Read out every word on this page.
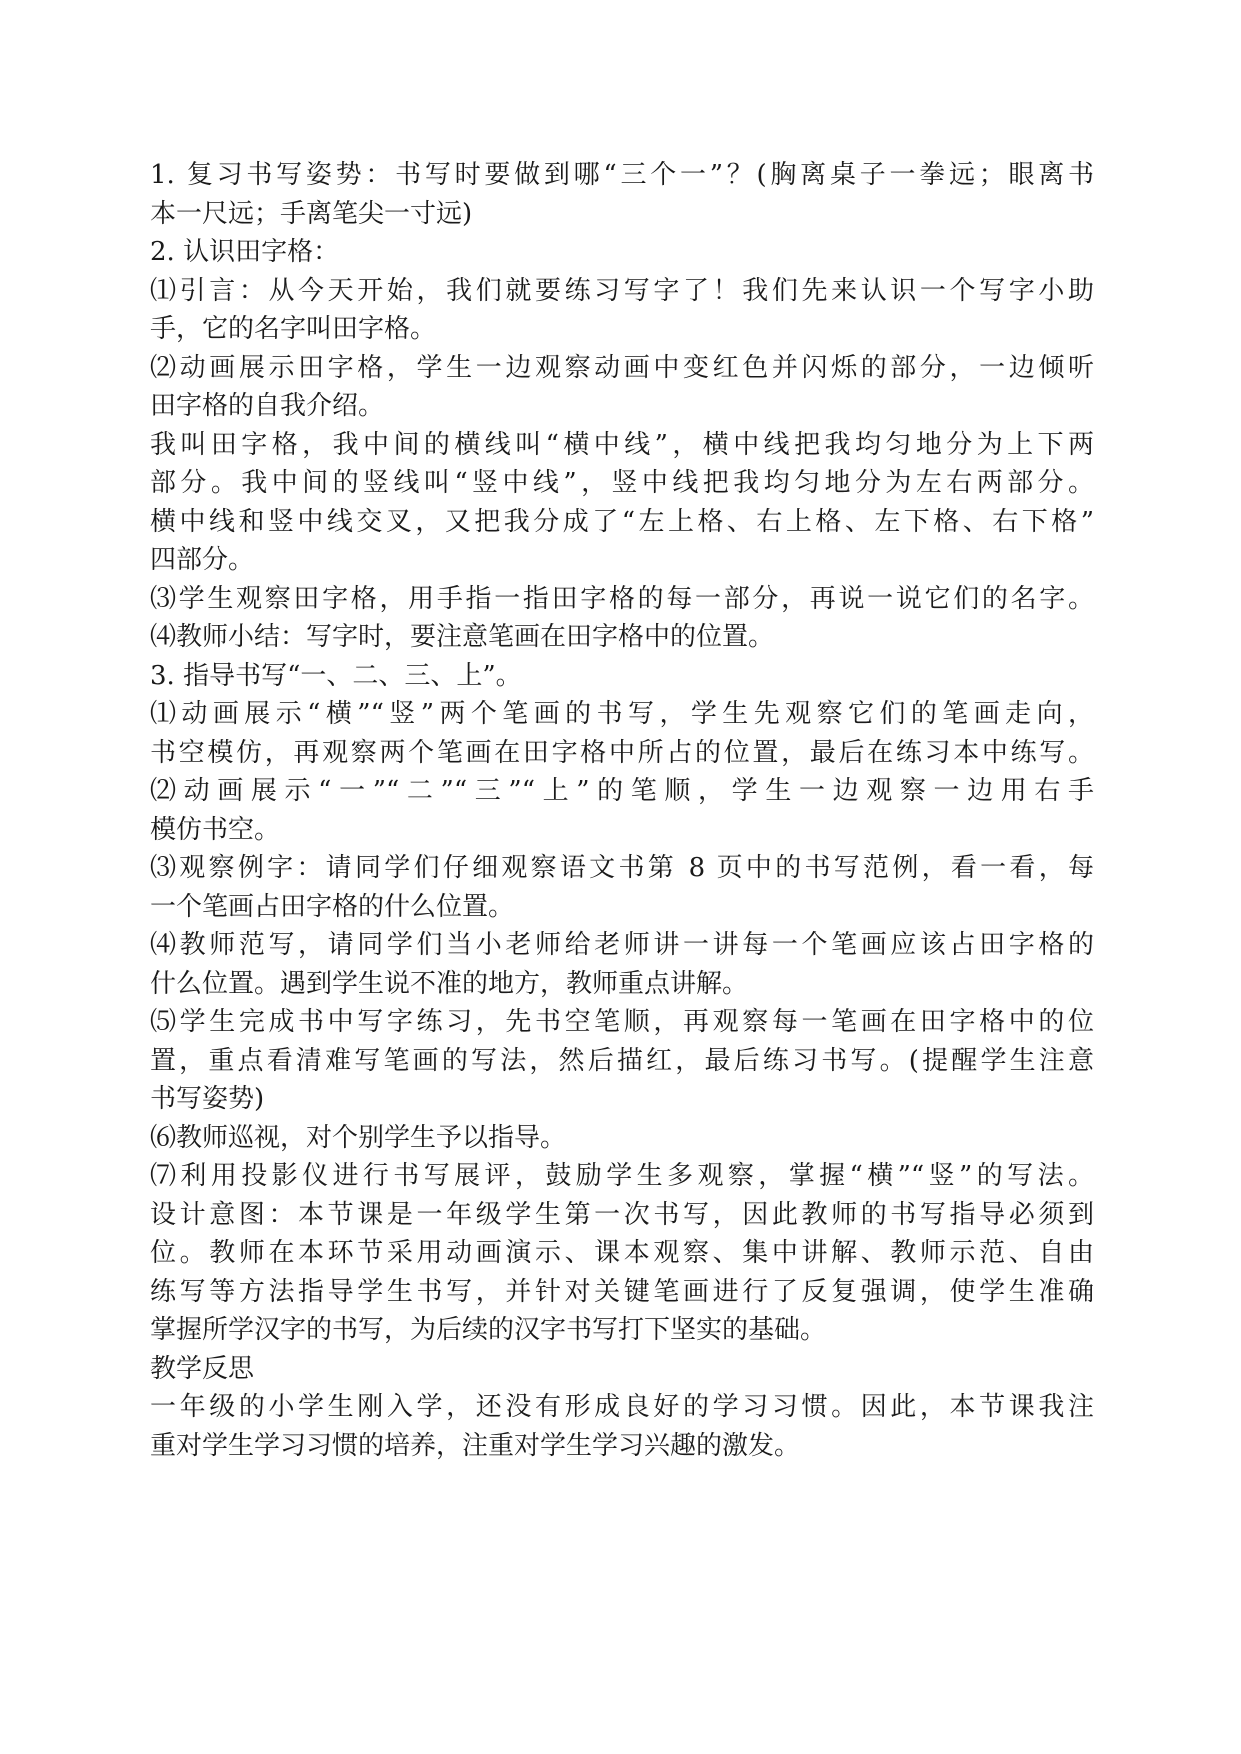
1. 复习书写姿势：书写时要做到哪“三个一”？(胸离桌子一拳远；眼离书
本一尺远；手离笔尖一寸远)
2. 认识田字格：
⑴引言：从今天开始，我们就要练习写字了！我们先来认识一个写字小助
手，它的名字叫田字格。
⑵动画展示田字格，学生一边观察动画中变红色并闪烁的部分，一边倾听
田字格的自我介绍。
我叫田字格，我中间的横线叫“横中线”，横中线把我均匀地分为上下两
部分。我中间的竖线叫“竖中线”，竖中线把我均匀地分为左右两部分。
横中线和竖中线交叉，又把我分成了“左上格、右上格、左下格、右下格”
四部分。
⑶学生观察田字格，用手指一指田字格的每一部分，再说一说它们的名字。
⑷教师小结：写字时，要注意笔画在田字格中的位置。
3. 指导书写“一、二、三、上”。
⑴动画展示“横”“竖”两个笔画的书写，学生先观察它们的笔画走向，
书空模仿，再观察两个笔画在田字格中所占的位置，最后在练习本中练写。
⑵动画展示“一”“二”“三”“上”的笔顺，学生一边观察一边用右手
模仿书空。
⑶观察例字：请同学们仔细观察语文书第 8 页中的书写范例，看一看，每
一个笔画占田字格的什么位置。
⑷教师范写，请同学们当小老师给老师讲一讲每一个笔画应该占田字格的
什么位置。遇到学生说不准的地方，教师重点讲解。
⑸学生完成书中写字练习，先书空笔顺，再观察每一笔画在田字格中的位
置，重点看清难写笔画的写法，然后描红，最后练习书写。(提醒学生注意
书写姿势)
⑹教师巡视，对个别学生予以指导。
⑺利用投影仪进行书写展评，鼓励学生多观察，掌握“横”“竖”的写法。
设计意图：本节课是一年级学生第一次书写，因此教师的书写指导必须到
位。教师在本环节采用动画演示、课本观察、集中讲解、教师示范、自由
练写等方法指导学生书写，并针对关键笔画进行了反复强调，使学生准确
掌握所学汉字的书写，为后续的汉字书写打下坚实的基础。
教学反思
一年级的小学生刚入学，还没有形成良好的学习习惯。因此，本节课我注
重对学生学习习惯的培养，注重对学生学习兴趣的激发。
